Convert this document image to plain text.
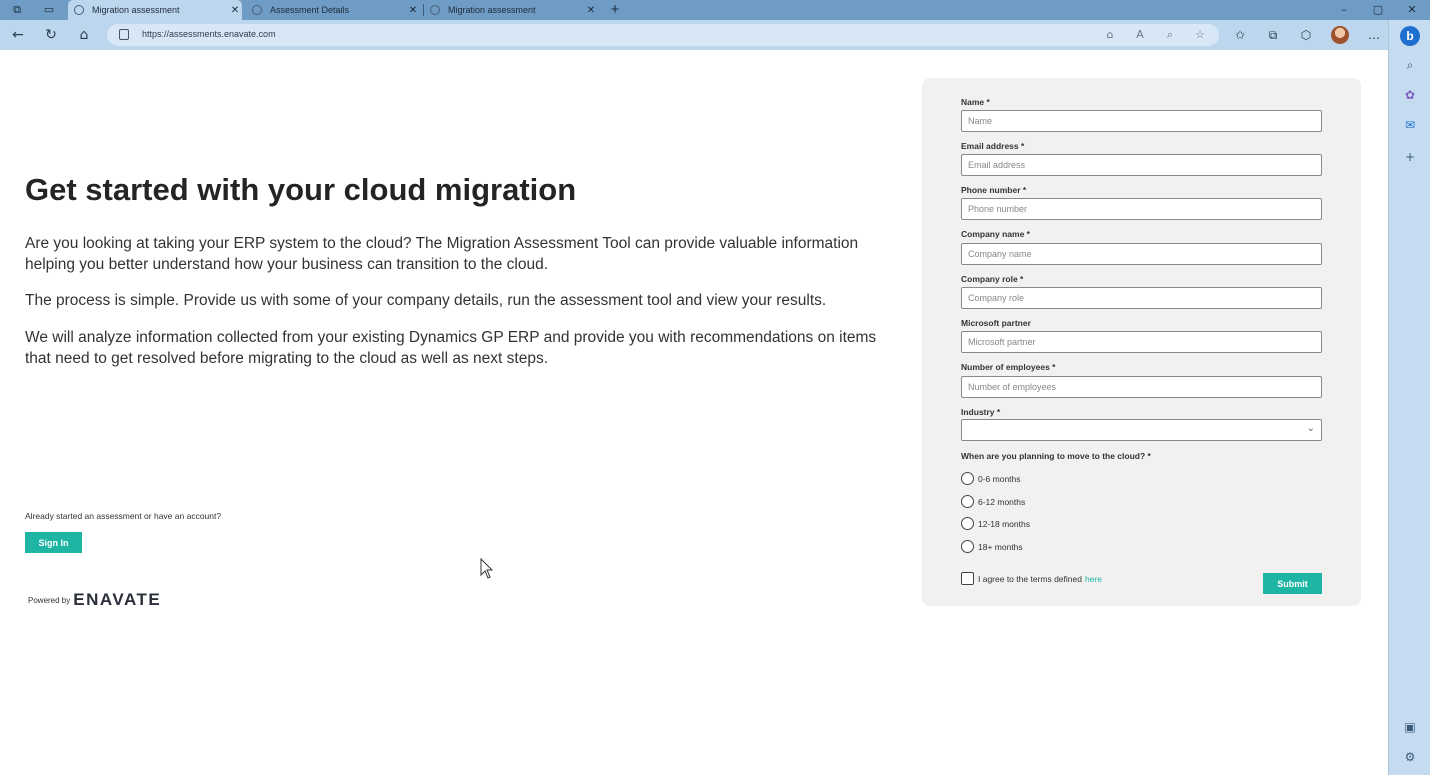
⧉ ▭	Migration assessment	✕	Assessment Details	✕	Migration assessment	✕ +	–	▢ ✕
← ↻	⌂	https://assessments.enavate.com	⌂	A	⌕	☆	✩	⧉	⬡	…	b
⌕
✿
✉
+
▣
⚙
Get started with your cloud migration

Are you looking at taking your ERP system to the cloud? The Migration Assessment Tool can provide valuable information helping you better understand how your business can transition to the cloud.

The process is simple. Provide us with some of your company details, run the assessment tool and view your results.

We will analyze information collected from your existing Dynamics GP ERP and provide you with recommendations on items that need to get resolved before migrating to the cloud as well as next steps.

Already started an assessment or have an account?
Sign In
Powered by ENAVATE
Name *
Name
Email address *
Email address
Phone number *
Phone number
Company name *
Company name
Company role *
Company role
Microsoft partner
Microsoft partner
Number of employees *
Number of employees
Industry *
⌄
When are you planning to move to the cloud? *
0-6 months
6-12 months
12-18 months
18+ months
I agree to the terms defined here	Submit
